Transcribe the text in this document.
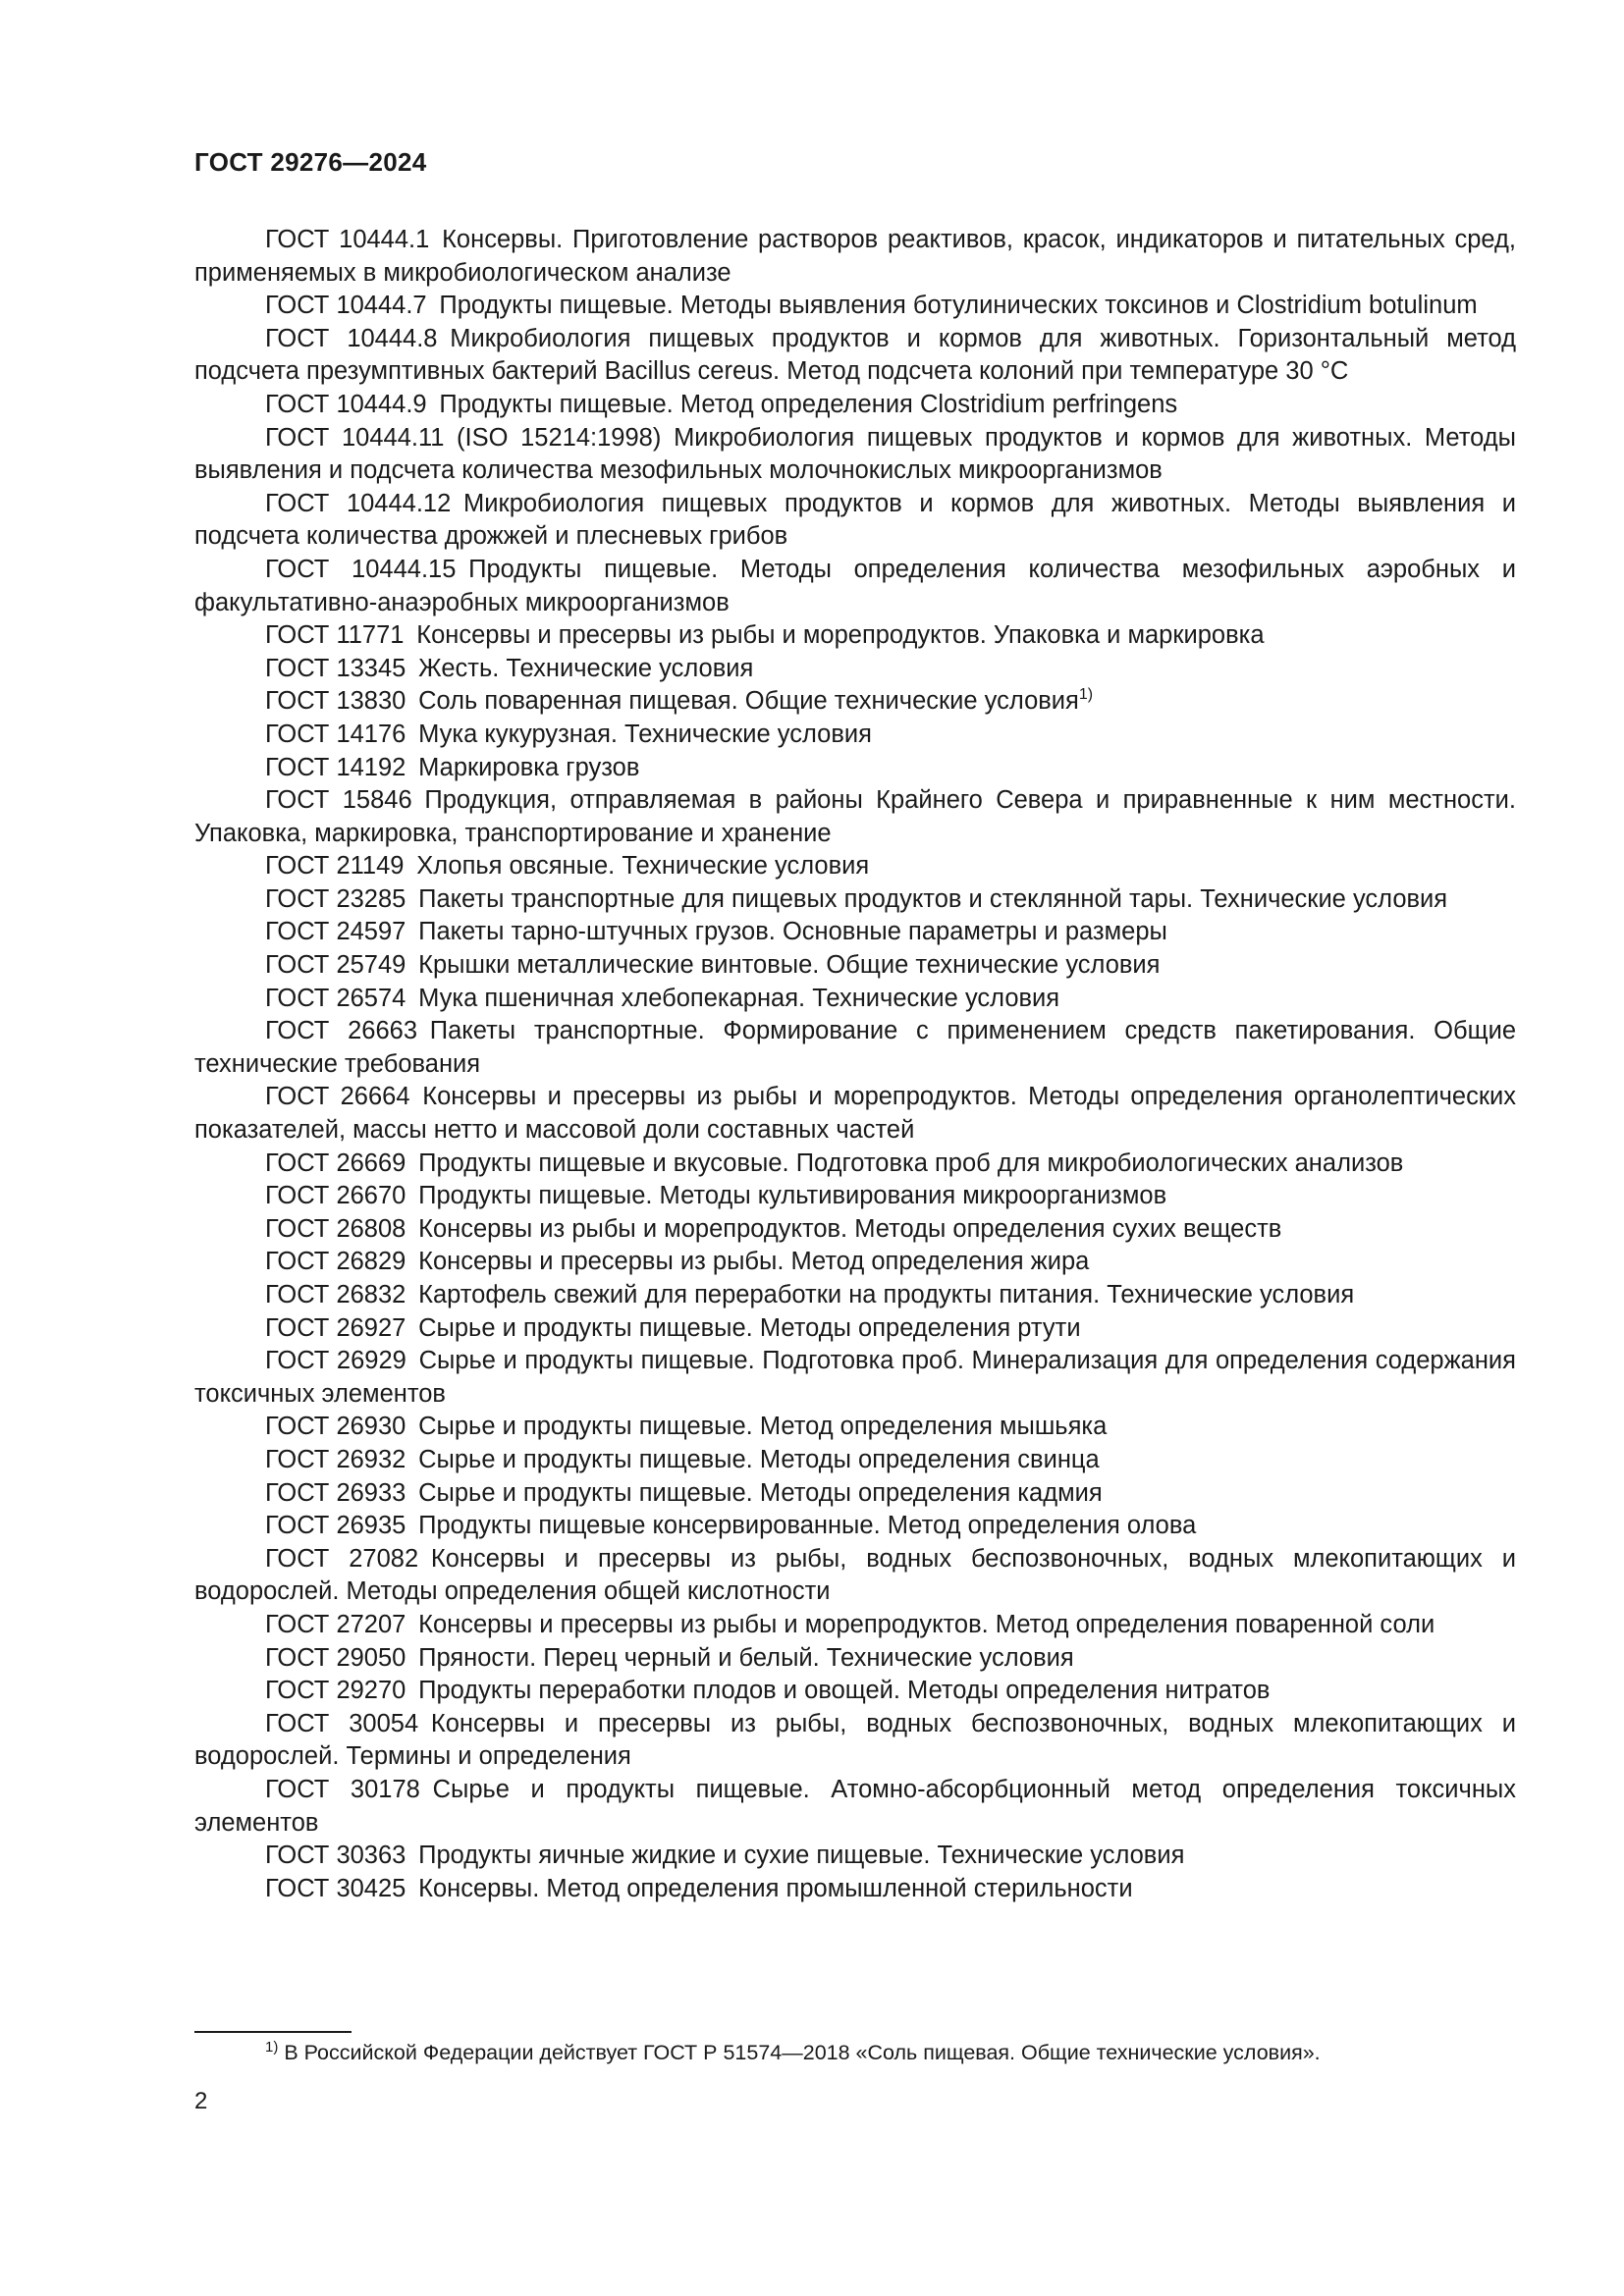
ГОСТ 29276—2024

ГОСТ 10444.1  Консервы. Приготовление растворов реактивов, красок, индикаторов и питательных сред, применяемых в микробиологическом анализе

ГОСТ 10444.7  Продукты пищевые. Методы выявления ботулинических токсинов и Clostridium botulinum

ГОСТ 10444.8  Микробиология пищевых продуктов и кормов для животных. Горизонтальный метод подсчета презумптивных бактерий Bacillus cereus. Метод подсчета колоний при температуре 30 °C

ГОСТ 10444.9  Продукты пищевые. Метод определения Clostridium perfringens

ГОСТ 10444.11 (ISO 15214:1998)  Микробиология пищевых продуктов и кормов для животных. Методы выявления и подсчета количества мезофильных молочнокислых микроорганизмов

ГОСТ 10444.12  Микробиология пищевых продуктов и кормов для животных. Методы выявления и подсчета количества дрожжей и плесневых грибов

ГОСТ 10444.15  Продукты пищевые. Методы определения количества мезофильных аэробных и факультативно-анаэробных микроорганизмов

ГОСТ 11771  Консервы и пресервы из рыбы и морепродуктов. Упаковка и маркировка

ГОСТ 13345  Жесть. Технические условия

ГОСТ 13830  Соль поваренная пищевая. Общие технические условия$^{1)}$

ГОСТ 14176  Мука кукурузная. Технические условия

ГОСТ 14192  Маркировка грузов

ГОСТ 15846  Продукция, отправляемая в районы Крайнего Севера и приравненные к ним местности. Упаковка, маркировка, транспортирование и хранение

ГОСТ 21149  Хлопья овсяные. Технические условия

ГОСТ 23285  Пакеты транспортные для пищевых продуктов и стеклянной тары. Технические условия

ГОСТ 24597  Пакеты тарно-штучных грузов. Основные параметры и размеры

ГОСТ 25749  Крышки металлические винтовые. Общие технические условия

ГОСТ 26574  Мука пшеничная хлебопекарная. Технические условия

ГОСТ 26663  Пакеты транспортные. Формирование с применением средств пакетирования. Общие технические требования

ГОСТ 26664  Консервы и пресервы из рыбы и морепродуктов. Методы определения органолептических показателей, массы нетто и массовой доли составных частей

ГОСТ 26669  Продукты пищевые и вкусовые. Подготовка проб для микробиологических анализов

ГОСТ 26670  Продукты пищевые. Методы культивирования микроорганизмов

ГОСТ 26808  Консервы из рыбы и морепродуктов. Методы определения сухих веществ

ГОСТ 26829  Консервы и пресервы из рыбы. Метод определения жира

ГОСТ 26832  Картофель свежий для переработки на продукты питания. Технические условия

ГОСТ 26927  Сырье и продукты пищевые. Методы определения ртути

ГОСТ 26929  Сырье и продукты пищевые. Подготовка проб. Минерализация для определения содержания токсичных элементов

ГОСТ 26930  Сырье и продукты пищевые. Метод определения мышьяка

ГОСТ 26932  Сырье и продукты пищевые. Методы определения свинца

ГОСТ 26933  Сырье и продукты пищевые. Методы определения кадмия

ГОСТ 26935  Продукты пищевые консервированные. Метод определения олова

ГОСТ 27082  Консервы и пресервы из рыбы, водных беспозвоночных, водных млекопитающих и водорослей. Методы определения общей кислотности

ГОСТ 27207  Консервы и пресервы из рыбы и морепродуктов. Метод определения поваренной соли

ГОСТ 29050  Пряности. Перец черный и белый. Технические условия

ГОСТ 29270  Продукты переработки плодов и овощей. Методы определения нитратов

ГОСТ 30054  Консервы и пресервы из рыбы, водных беспозвоночных, водных млекопитающих и водорослей. Термины и определения

ГОСТ 30178  Сырье и продукты пищевые. Атомно-абсорбционный метод определения токсичных элементов

ГОСТ 30363  Продукты яичные жидкие и сухие пищевые. Технические условия

ГОСТ 30425  Консервы. Метод определения промышленной стерильности

$^{1)}$ В Российской Федерации действует ГОСТ Р 51574—2018 «Соль пищевая. Общие технические условия».
2
